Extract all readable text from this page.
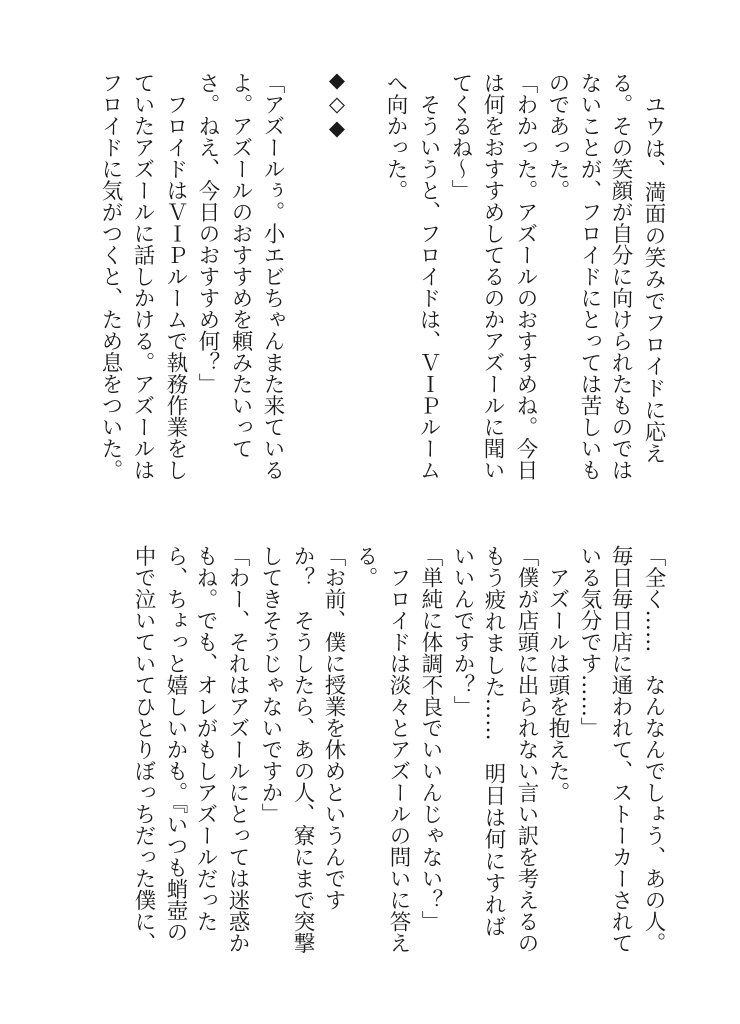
　ユウは、満面の笑みでフロイドに応え
る。その笑顔が自分に向けられたものでは
ないことが、フロイドにとっては苦しいも
のであった。
「わかった。アズールのおすすめね。今日
は何をおすすめしてるのかアズールに聞い
てくるね～」
　そういうと、フロイドは、ＶＩＰルーム
へ向かった。
◆◇◆
「アズールぅ。小エビちゃんまた来ている
よ。アズールのおすすめを頼みたいって
さ。ねえ、今日のおすすめ何？」
　フロイドはＶＩＰルームで執務作業をし
ていたアズールに話しかける。アズールは
フロイドに気がつくと、ため息をついた。
「全く……　なんなんでしょう、あの人。
毎日毎日店に通われて、ストーカーされて
いる気分です……」
　アズールは頭を抱えた。
「僕が店頭に出られない言い訳を考えるの
もう疲れました……　明日は何にすれば
いいんですか？」
「単純に体調不良でいいんじゃない？」
　フロイドは淡々とアズールの問いに答え
る。
「お前、僕に授業を休めというんです
か？　そうしたら、あの人、寮にまで突撃
してきそうじゃないですか」
「わー、それはアズールにとっては迷惑か
もね。でも、オレがもしアズールだった
ら、ちょっと嬉しいかも。『いつも蛸壺の
中で泣いていてひとりぼっちだった僕に、
